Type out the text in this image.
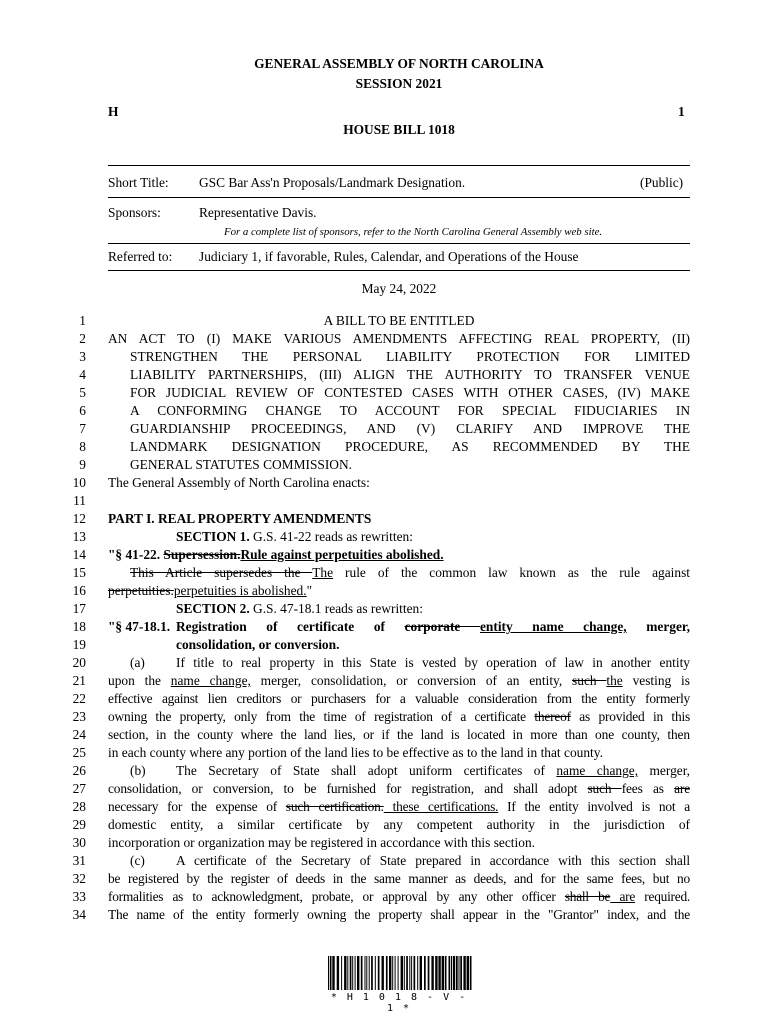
GENERAL ASSEMBLY OF NORTH CAROLINA
SESSION 2021
H	1
HOUSE BILL 1018
Short Title: GSC Bar Ass'n Proposals/Landmark Designation.	(Public)
Sponsors:	Representative Davis.
For a complete list of sponsors, refer to the North Carolina General Assembly web site.
Referred to: Judiciary 1, if favorable, Rules, Calendar, and Operations of the House
May 24, 2022
1	A BILL TO BE ENTITLED
2 AN ACT TO (I) MAKE VARIOUS AMENDMENTS AFFECTING REAL PROPERTY, (II)
3	STRENGTHEN THE PERSONAL LIABILITY PROTECTION FOR LIMITED
4	LIABILITY PARTNERSHIPS, (III) ALIGN THE AUTHORITY TO TRANSFER VENUE
5	FOR JUDICIAL REVIEW OF CONTESTED CASES WITH OTHER CASES, (IV) MAKE
6	A CONFORMING CHANGE TO ACCOUNT FOR SPECIAL FIDUCIARIES IN
7	GUARDIANSHIP PROCEEDINGS, AND (V) CLARIFY AND IMPROVE THE
8	LANDMARK DESIGNATION PROCEDURE, AS RECOMMENDED BY THE
9	GENERAL STATUTES COMMISSION.
10 The General Assembly of North Carolina enacts:
11
12 PART I. REAL PROPERTY AMENDMENTS
13	SECTION 1. G.S. 41-22 reads as rewritten:
14 "§ 41-22. Supersession.Rule against perpetuities abolished.
15	This Article supersedes the The rule of the common law known as the rule against
16 perpetuities.perpetuities is abolished."
17	SECTION 2. G.S. 47-18.1 reads as rewritten:
18 "§ 47-18.1. Registration of certificate of corporate entity name change, merger,
19	consolidation, or conversion.
20	(a)	If title to real property in this State is vested by operation of law in another entity
21 upon the name change, merger, consolidation, or conversion of an entity, such the vesting is
22 effective against lien creditors or purchasers for a valuable consideration from the entity formerly
23 owning the property, only from the time of registration of a certificate thereof as provided in this
24 section, in the county where the land lies, or if the land is located in more than one county, then
25 in each county where any portion of the land lies to be effective as to the land in that county.
26	(b)	The Secretary of State shall adopt uniform certificates of name change, merger,
27 consolidation, or conversion, to be furnished for registration, and shall adopt such fees as are
28 necessary for the expense of such certification. these certifications. If the entity involved is not a
29 domestic entity, a similar certificate by any competent authority in the jurisdiction of
30 incorporation or organization may be registered in accordance with this section.
31	(c)	A certificate of the Secretary of State prepared in accordance with this section shall
32 be registered by the register of deeds in the same manner as deeds, and for the same fees, but no
33 formalities as to acknowledgment, probate, or approval by any other officer shall be are required.
34 The name of the entity formerly owning the property shall appear in the "Grantor" index, and the
* H 1 0 1 8 - V - 1 *
